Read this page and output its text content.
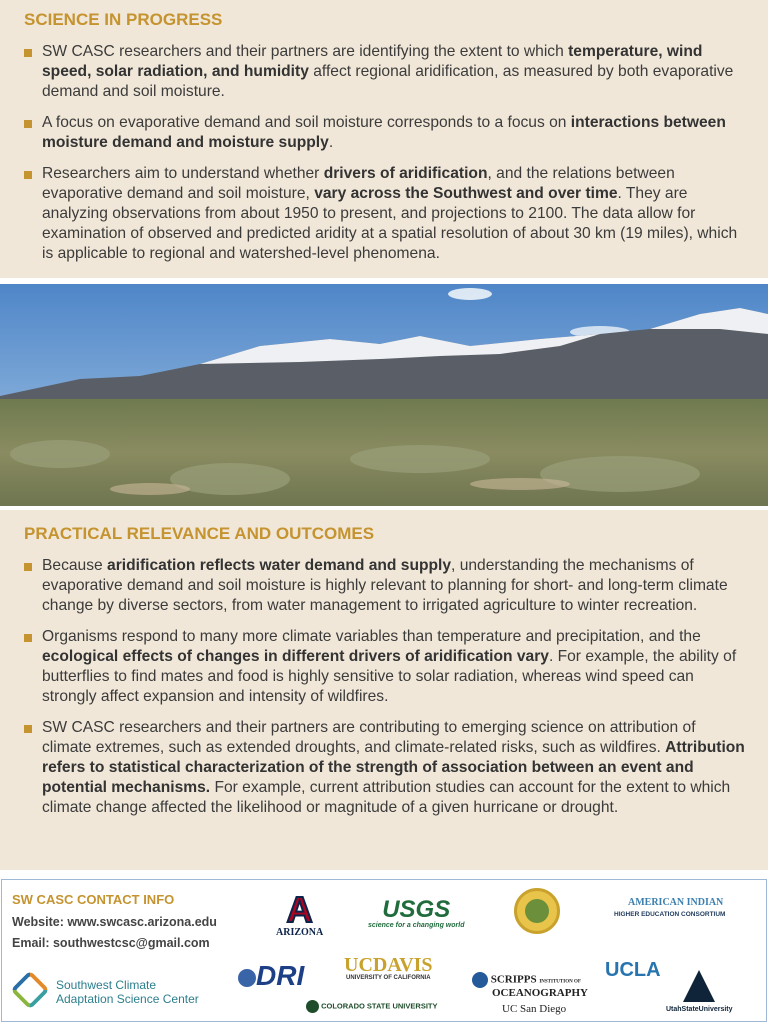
SCIENCE IN PROGRESS
SW CASC researchers and their partners are identifying the extent to which temperature, wind speed, solar radiation, and humidity affect regional aridification, as measured by both evaporative demand and soil moisture.
A focus on evaporative demand and soil moisture corresponds to a focus on interactions between moisture demand and moisture supply.
Researchers aim to understand whether drivers of aridification, and the relations between evaporative demand and soil moisture, vary across the Southwest and over time. They are analyzing observations from about 1950 to present, and projections to 2100. The data allow for examination of observed and predicted aridity at a spatial resolution of about 30 km (19 miles), which is applicable to regional and watershed-level phenomena.
PRACTICAL RELEVANCE AND OUTCOMES
Because aridification reflects water demand and supply, understanding the mechanisms of evaporative demand and soil moisture is highly relevant to planning for short- and long-term climate change by diverse sectors, from water management to irrigated agriculture to winter recreation.
Organisms respond to many more climate variables than temperature and precipitation, and the ecological effects of changes in different drivers of aridification vary. For example, the ability of butterflies to find mates and food is highly sensitive to solar radiation, whereas wind speed can strongly affect expansion and intensity of wildfires.
SW CASC researchers and their partners are contributing to emerging science on attribution of climate extremes, such as extended droughts, and climate-related risks, such as wildfires. Attribution refers to statistical characterization of the strength of association between an event and potential mechanisms. For example, current attribution studies can account for the extent to which climate change affected the likelihood or magnitude of a given hurricane or drought.
SW CASC CONTACT INFO
Website: www.swcasc.arizona.edu
Email: southwestcsc@gmail.com
Southwest Climate
Adaptation Science Center
A
ARIZONA
USGS
science for a changing world
AMERICAN INDIAN
HIGHER EDUCATION CONSORTIUM
DRI UCDAVIS
UNIVERSITY OF CALIFORNIA
COLORADO STATE UNIVERSITY
SCRIPPS INSTITUTION OF
OCEANOGRAPHY
UC San Diego
UCLA
UtahStateUniversity
